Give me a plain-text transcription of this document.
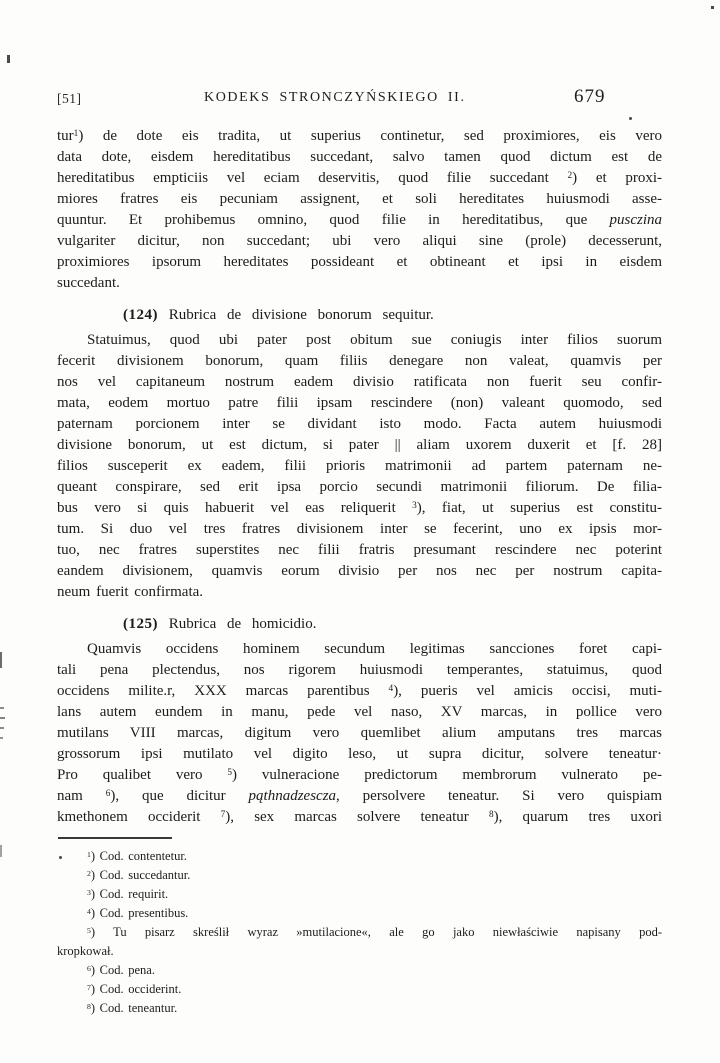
[51]	KODEKS STRONCZYŃSKIEGO II.	679
tur$^1$) de dote eis tradita, ut superius continetur, sed proximiores, eis vero
data dote, eisdem hereditatibus succedant, salvo tamen quod dictum est de
hereditatibus empticiis vel eciam deservitis, quod filie succedant $^2$) et proxi-
miores fratres eis pecuniam assignent, et soli hereditates huiusmodi asse-
quuntur. Et prohibemus omnino, quod filie in hereditatibus, que pusczina
vulgariter dicitur, non succedant; ubi vero aliqui sine (prole) decesserunt,
proximiores ipsorum hereditates possideant et obtineant et ipsi in eisdem
succedant.
(124) Rubrica de divisione bonorum sequitur.
Statuimus, quod ubi pater post obitum sue coniugis inter filios suorum
fecerit divisionem bonorum, quam filiis denegare non valeat, quamvis per
nos vel capitaneum nostrum eadem divisio ratificata non fuerit seu confir-
mata, eodem mortuo patre filii ipsam rescindere (non) valeant quomodo, sed
paternam porcionem inter se dividant isto modo. Facta autem huiusmodi
divisione bonorum, ut est dictum, si pater || aliam uxorem duxerit et [f. 28]
filios susceperit ex eadem, filii prioris matrimonii ad partem paternam ne-
queant conspirare, sed erit ipsa porcio secundi matrimonii filiorum. De filia-
bus vero si quis habuerit vel eas reliquerit $^3$), fiat, ut superius est constitu-
tum. Si duo vel tres fratres divisionem inter se fecerint, uno ex ipsis mor-
tuo, nec fratres superstites nec filii fratris presumant rescindere nec poterint
eandem divisionem, quamvis eorum divisio per nos nec per nostrum capita-
neum fuerit confirmata.
(125) Rubrica de homicidio.
Quamvis occidens hominem secundum legitimas sancciones foret capi-
tali pena plectendus, nos rigorem huiusmodi temperantes, statuimus, quod
occidens milite.r, XXX marcas parentibus $^4$), pueris vel amicis occisi, muti-
lans autem eundem in manu, pede vel naso, XV marcas, in pollice vero
mutilans VIII marcas, digitum vero quemlibet alium amputans tres marcas
grossorum ipsi mutilato vel digito leso, ut supra dicitur, solvere teneatur·
Pro qualibet vero $^5$) vulneracione predictorum membrorum vulnerato pe-
nam $^6$), que dicitur pąthnadzescza, persolvere teneatur. Si vero quispiam
kmethonem occiderit $^7$), sex marcas solvere teneatur $^8$), quarum tres uxori
$^1$) Cod. contentetur.
$^2$) Cod. succedantur.
$^3$) Cod. requirit.
$^4$) Cod. presentibus.
$^5$) Tu pisarz skreślił wyraz »mutilacione«, ale go jako niewłaściwie napisany pod-
kropkował.
$^6$) Cod. pena.
$^7$) Cod. occiderint.
$^8$) Cod. teneantur.
